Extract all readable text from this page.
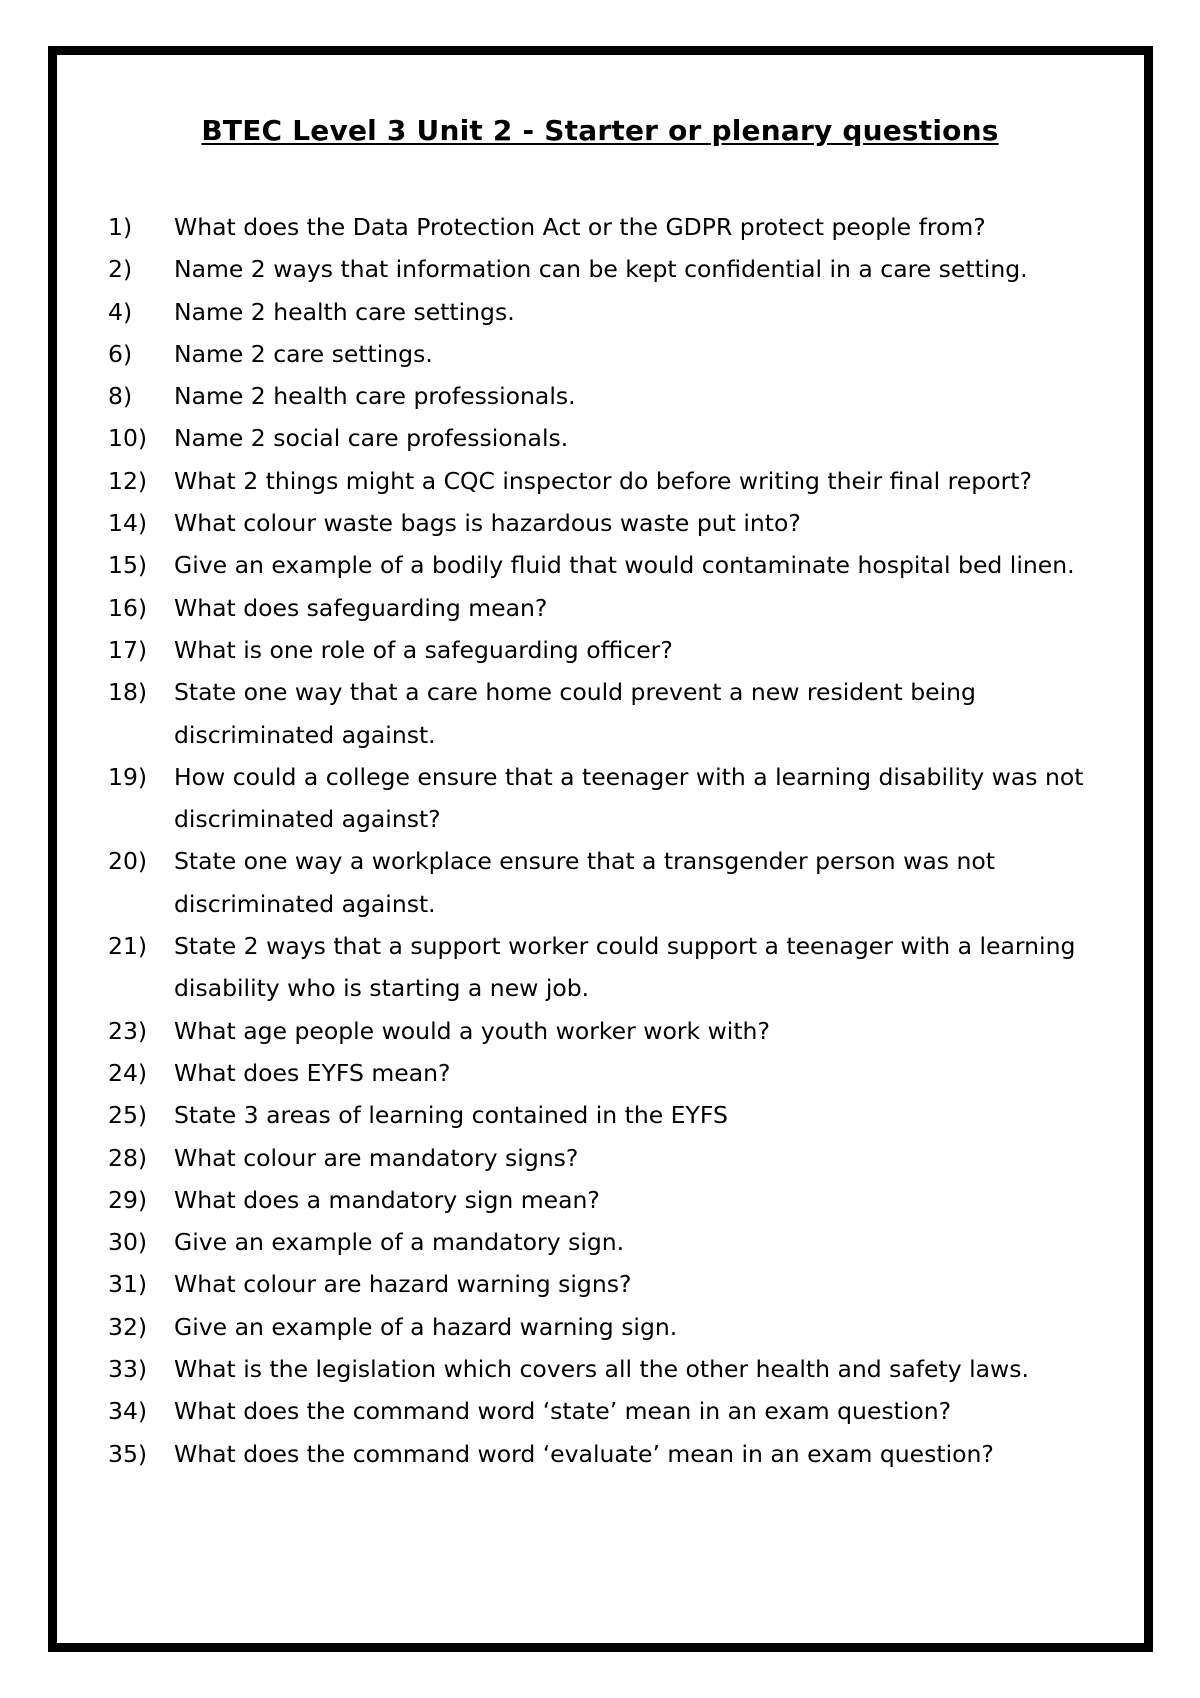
BTEC Level 3 Unit 2 - Starter or plenary questions
1)	What does the Data Protection Act or the GDPR protect people from?
2)	Name 2 ways that information can be kept confidential in a care setting.
4)	Name 2 health care settings.
6)	Name 2 care settings.
8)	Name 2 health care professionals.
10)	Name 2 social care professionals.
12)	What 2 things might a CQC inspector do before writing their final report?
14)	What colour waste bags is hazardous waste put into?
15)	Give an example of a bodily fluid that would contaminate hospital bed linen.
16)	What does safeguarding mean?
17)	What is one role of a safeguarding officer?
18)	State one way that a care home could prevent a new resident being discriminated against.
19)	How could a college ensure that a teenager with a learning disability was not discriminated against?
20)	State one way a workplace ensure that a transgender person was not discriminated against.
21)	State 2 ways that a support worker could support a teenager with a learning disability who is starting a new job.
23)	What age people would a youth worker work with?
24)	What does EYFS mean?
25)	State 3 areas of learning contained in the EYFS
28)	What colour are mandatory signs?
29)	What does a mandatory sign mean?
30)	Give an example of a mandatory sign.
31)	What colour are hazard warning signs?
32)	Give an example of a hazard warning sign.
33)	What is the legislation which covers all the other health and safety laws.
34)	What does the command word ‘state’ mean in an exam question?
35)	What does the command word ‘evaluate’ mean in an exam question?
